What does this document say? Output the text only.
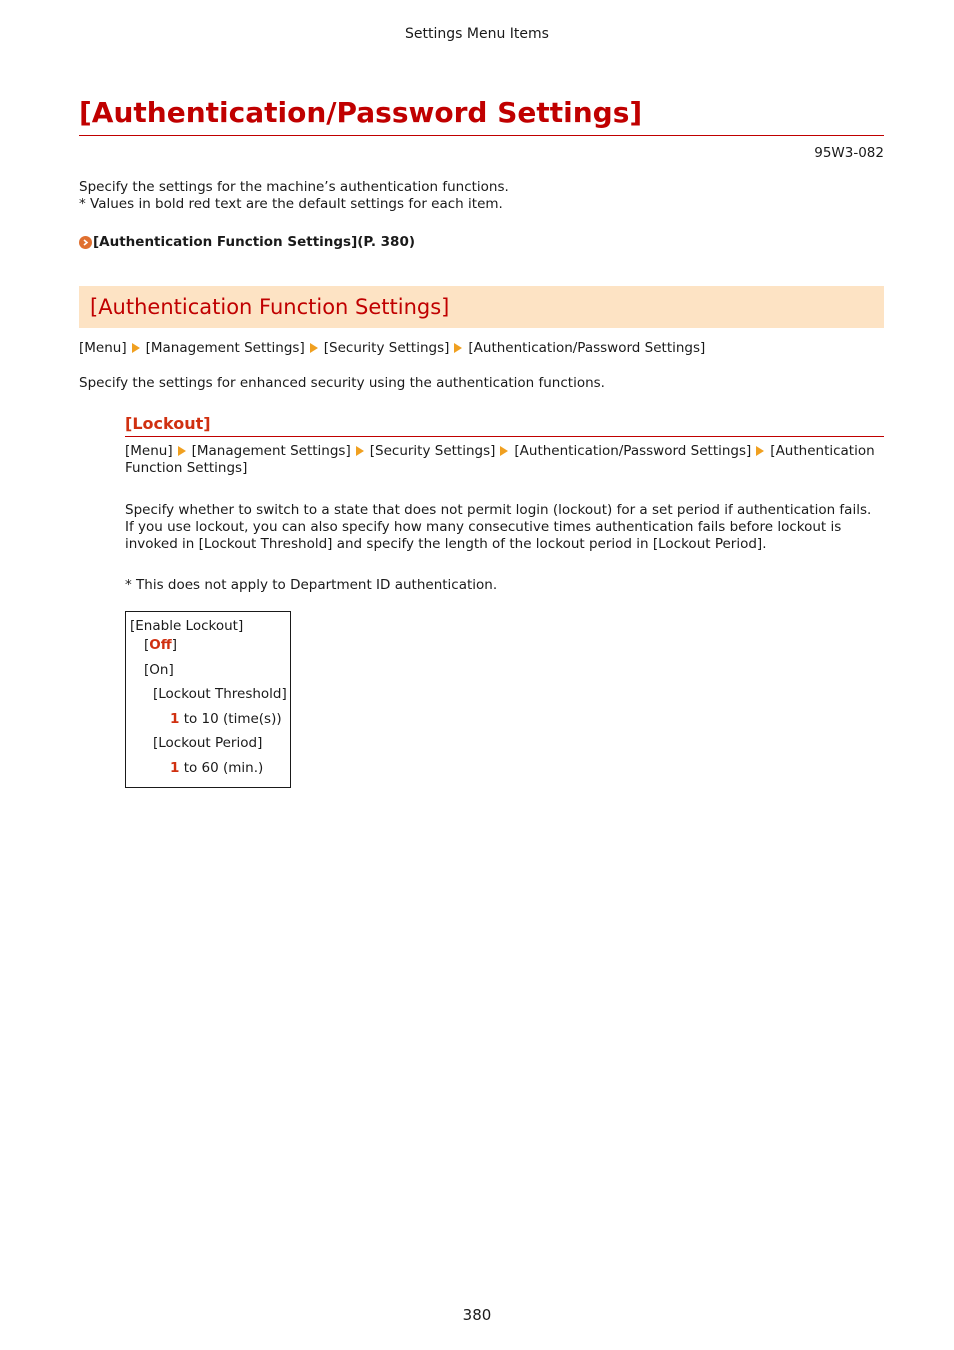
Settings Menu Items
[Authentication/Password Settings]
95W3-082
Specify the settings for the machine’s authentication functions.
* Values in bold red text are the default settings for each item.
[Authentication Function Settings](P. 380)
[Authentication Function Settings]
[Menu] [Management Settings] [Security Settings] [Authentication/Password Settings]
Specify the settings for enhanced security using the authentication functions.
[Lockout]
[Menu] [Management Settings] [Security Settings] [Authentication/Password Settings] [Authentication
Function Settings]
Specify whether to switch to a state that does not permit login (lockout) for a set period if authentication fails.
If you use lockout, you can also specify how many consecutive times authentication fails before lockout is
invoked in [Lockout Threshold] and specify the length of the lockout period in [Lockout Period].
* This does not apply to Department ID authentication.
[Enable Lockout]
[Off]
[On]
[Lockout Threshold]
1 to 10 (time(s))
[Lockout Period]
1 to 60 (min.)
380
